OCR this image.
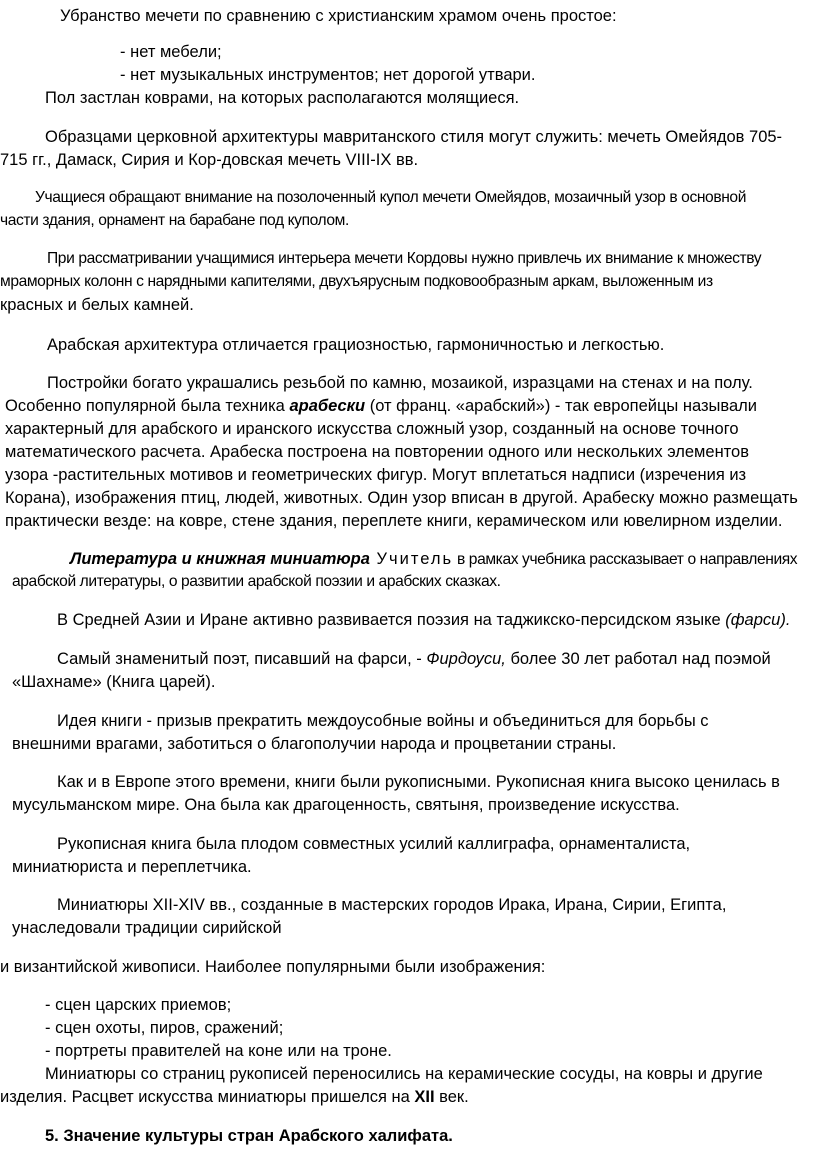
Убранство мечети по сравнению с христианским храмом очень простое:

- нет мебели;

- нет музыкальных инструментов; нет дорогой утвари.

Пол застлан коврами, на которых располагаются молящиеся.

Образцами церковной архитектуры мавританского стиля могут служить: мечеть Омейядов 705-

715 гг., Дамаск, Сирия и Кор-довская мечеть VIII-IX вв.

Учащиеся обращают внимание на позолоченный купол мечети Омейядов, мозаичный узор в основной

части здания, орнамент на барабане под куполом.

При рассматривании учащимися интерьера мечети Кордовы нужно привлечь их внимание к множеству

мраморных колонн с нарядными капителями, двухъярусным подковообразным аркам, выложенным из

красных и белых камней.

Арабская архитектура отличается грациозностью, гармоничностью и легкостью.

Постройки богато украшались резьбой по камню, мозаикой, изразцами на стенах и на полу.

Особенно популярной была техника арабески (от франц. «арабский») - так европейцы называли

характерный для арабского и иранского искусства сложный узор, созданный на основе точного

математического расчета. Арабеска построена на повторении одного или нескольких элементов

узора -растительных мотивов и геометрических фигур. Могут вплетаться надписи (изречения из

Корана), изображения птиц, людей, животных. Один узор вписан в другой. Арабеску можно размещать

практически везде: на ковре, стене здания, переплете книги, керамическом или ювелирном изделии.

Литература и книжная миниатюра Учитель в рамках учебника рассказывает о направлениях

арабской литературы, о развитии арабской поэзии и арабских сказках.

В Средней Азии и Иране активно развивается поэзия на таджикско-персидском языке (фарси).

Самый знаменитый поэт, писавший на фарси, - Фирдоуси, более 30 лет работал над поэмой

«Шахнаме» (Книга царей).

Идея книги - призыв прекратить междоусобные войны и объединиться для борьбы с

внешними врагами, заботиться о благополучии народа и процветании страны.

Как и в Европе этого времени, книги были рукописными. Рукописная книга высоко ценилась в

мусульманском мире. Она была как драгоценность, святыня, произведение искусства.

Рукописная книга была плодом совместных усилий каллиграфа, орнаменталиста,

миниатюриста и переплетчика.

Миниатюры XII-XIV вв., созданные в мастерских городов Ирака, Ирана, Сирии, Египта,

унаследовали традиции сирийской

и византийской живописи. Наиболее популярными были изображения:

- сцен царских приемов;

- сцен охоты, пиров, сражений;

- портреты правителей на коне или на троне.

Миниатюры со страниц рукописей переносились на керамические сосуды, на ковры и другие

изделия. Расцвет искусства миниатюры пришелся на XII век.

5. Значение культуры стран Арабского халифата.
